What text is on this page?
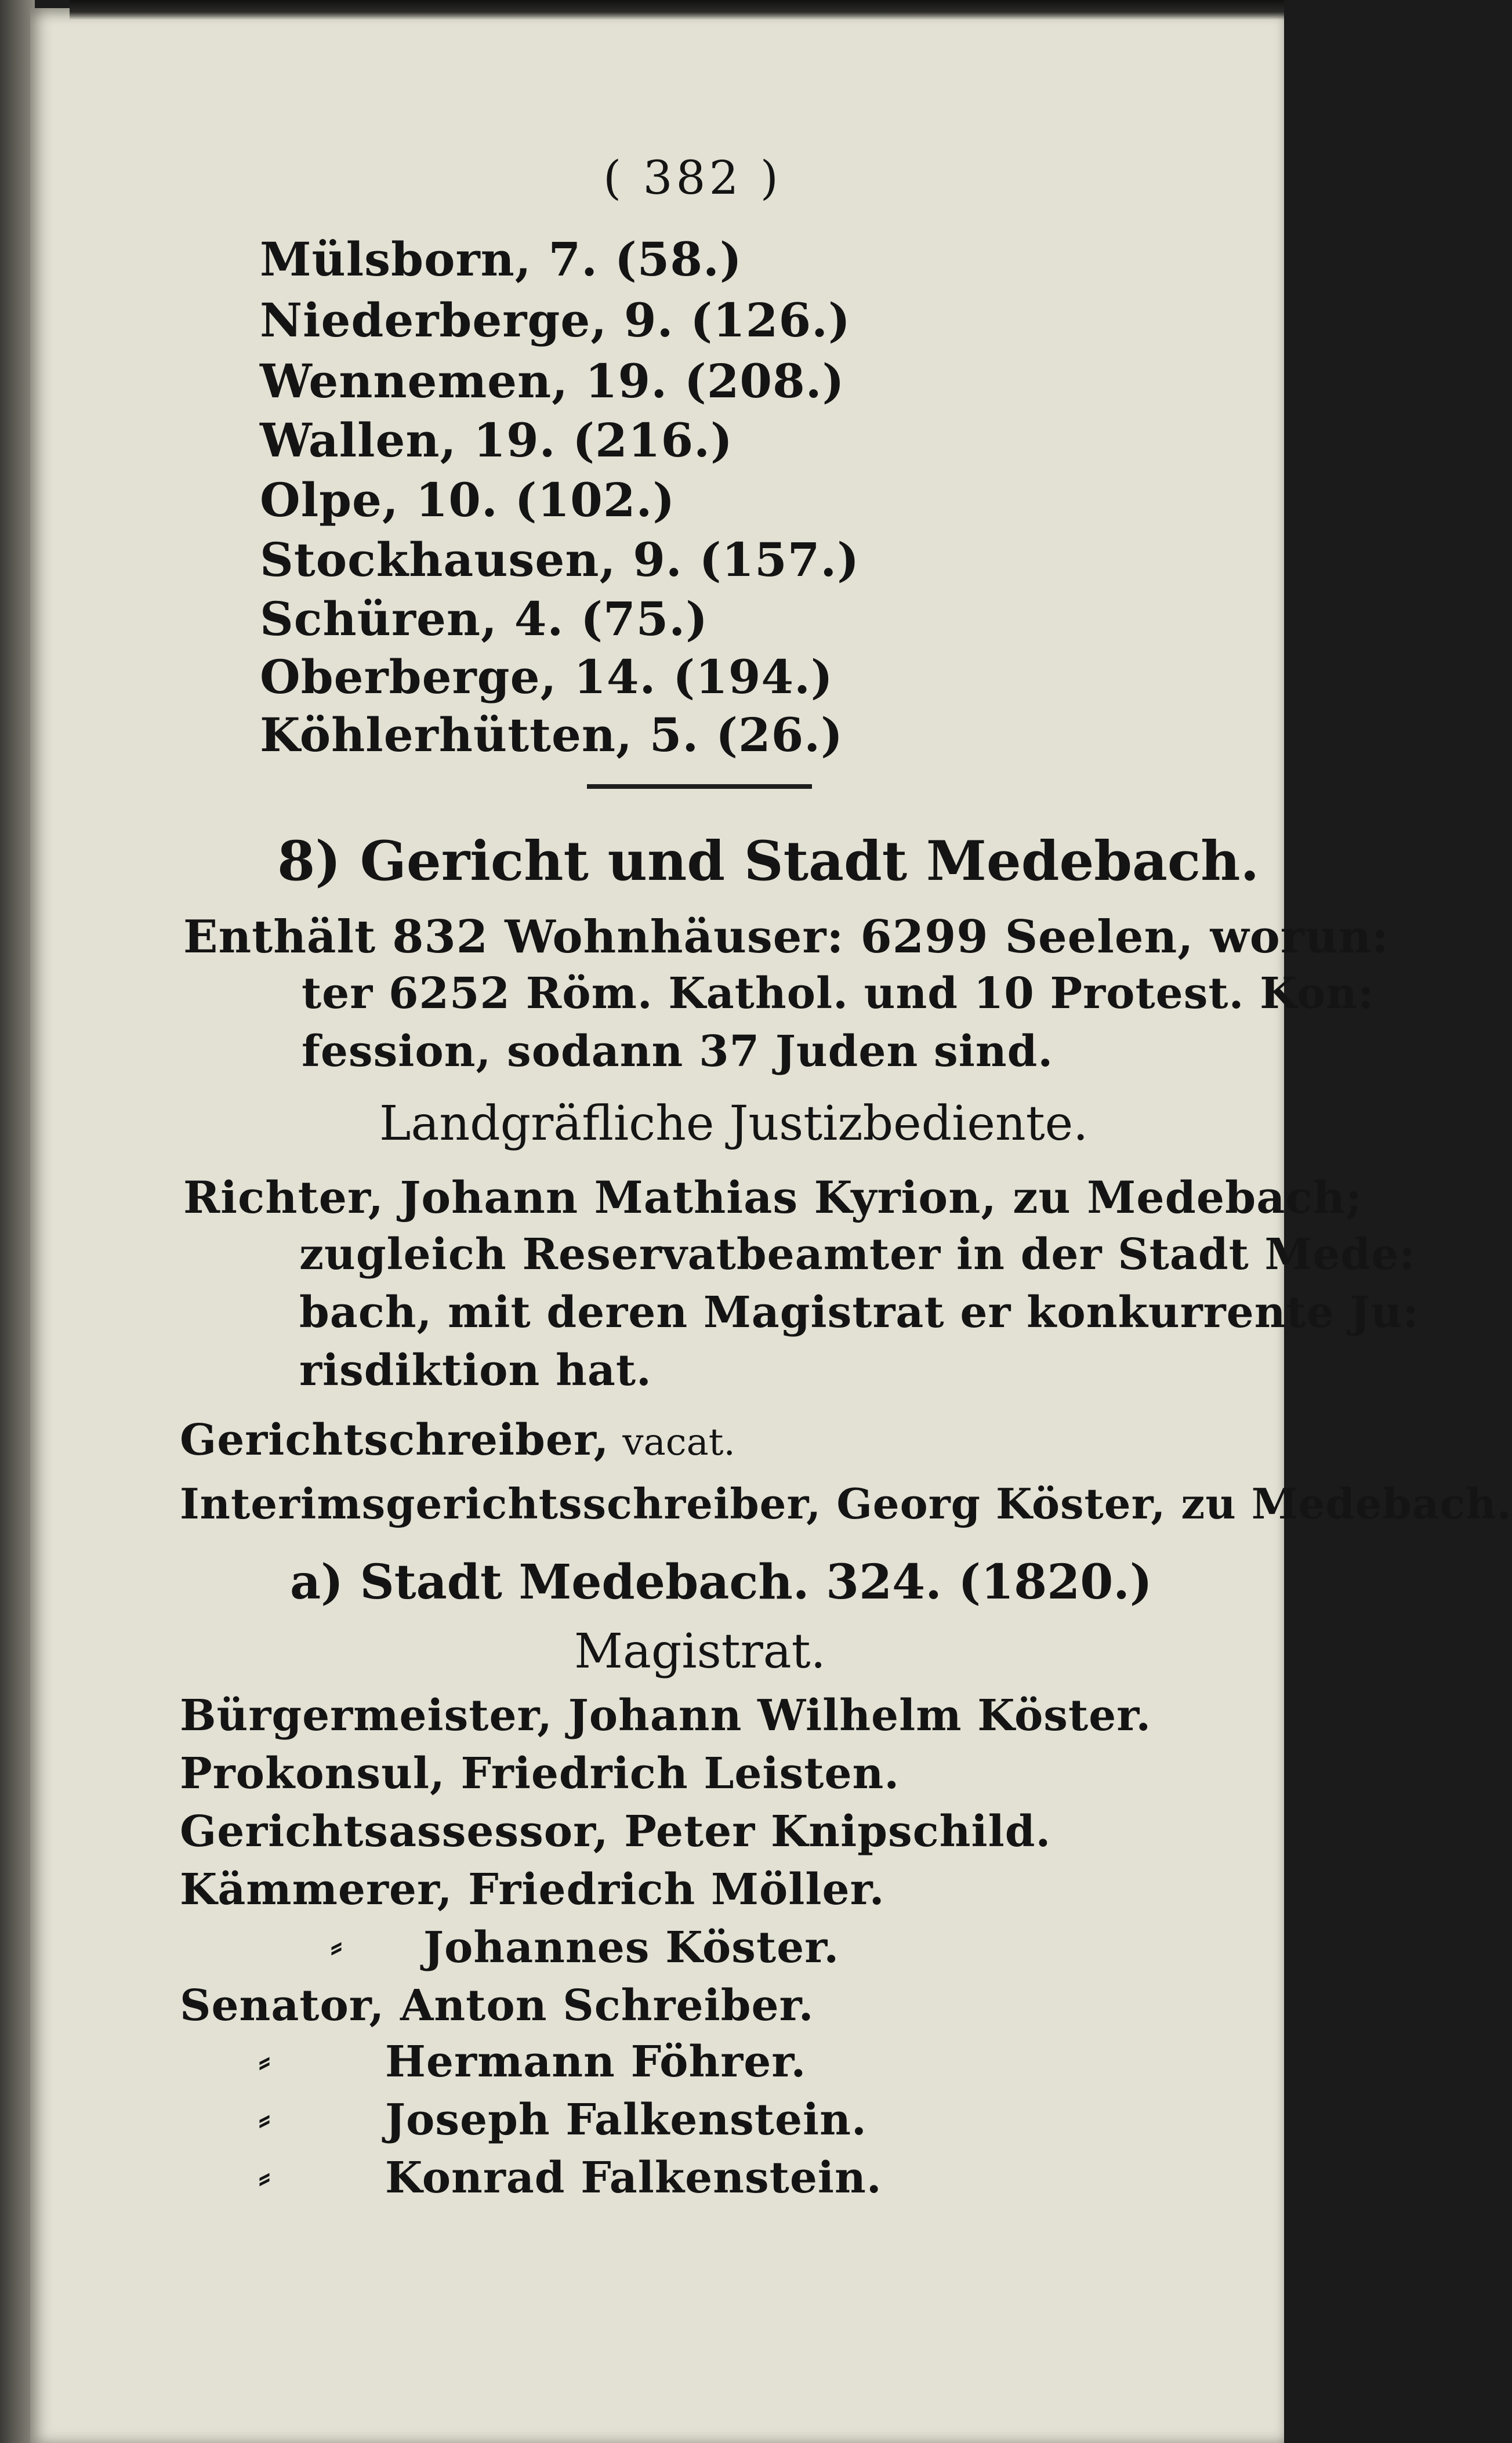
( 382 )
Mülsborn, 7. (58.)
Niederberge, 9. (126.)
Wennemen, 19. (208.)
Wallen, 19. (216.)
Olpe, 10. (102.)
Stockhausen, 9. (157.)
Schüren, 4. (75.)
Oberberge, 14. (194.)
Köhlerhütten, 5. (26.)
8) Gericht und Stadt Medebach.
Enthält 832 Wohnhäuser: 6299 Seelen, worun:
ter 6252 Röm. Kathol. und 10 Protest. Kon:
fession, sodann 37 Juden sind.
Landgräfliche Justizbediente.
Richter, Johann Mathias Kyrion, zu Medebach;
zugleich Reservatbeamter in der Stadt Mede:
bach, mit deren Magistrat er konkurrente Ju:
risdiktion hat.
Gerichtschreiber, vacat.
Interimsgerichtsschreiber, Georg Köster, zu Medebach.
a) Stadt Medebach. 324. (1820.)
Magistrat.
Bürgermeister, Johann Wilhelm Köster.
Prokonsul, Friedrich Leisten.
Gerichtsassessor, Peter Knipschild.
Kämmerer, Friedrich Möller.
⸗ Johannes Köster.
Senator, Anton Schreiber.
⸗	Hermann Föhrer.
⸗	Joseph Falkenstein.
⸗	Konrad Falkenstein.
